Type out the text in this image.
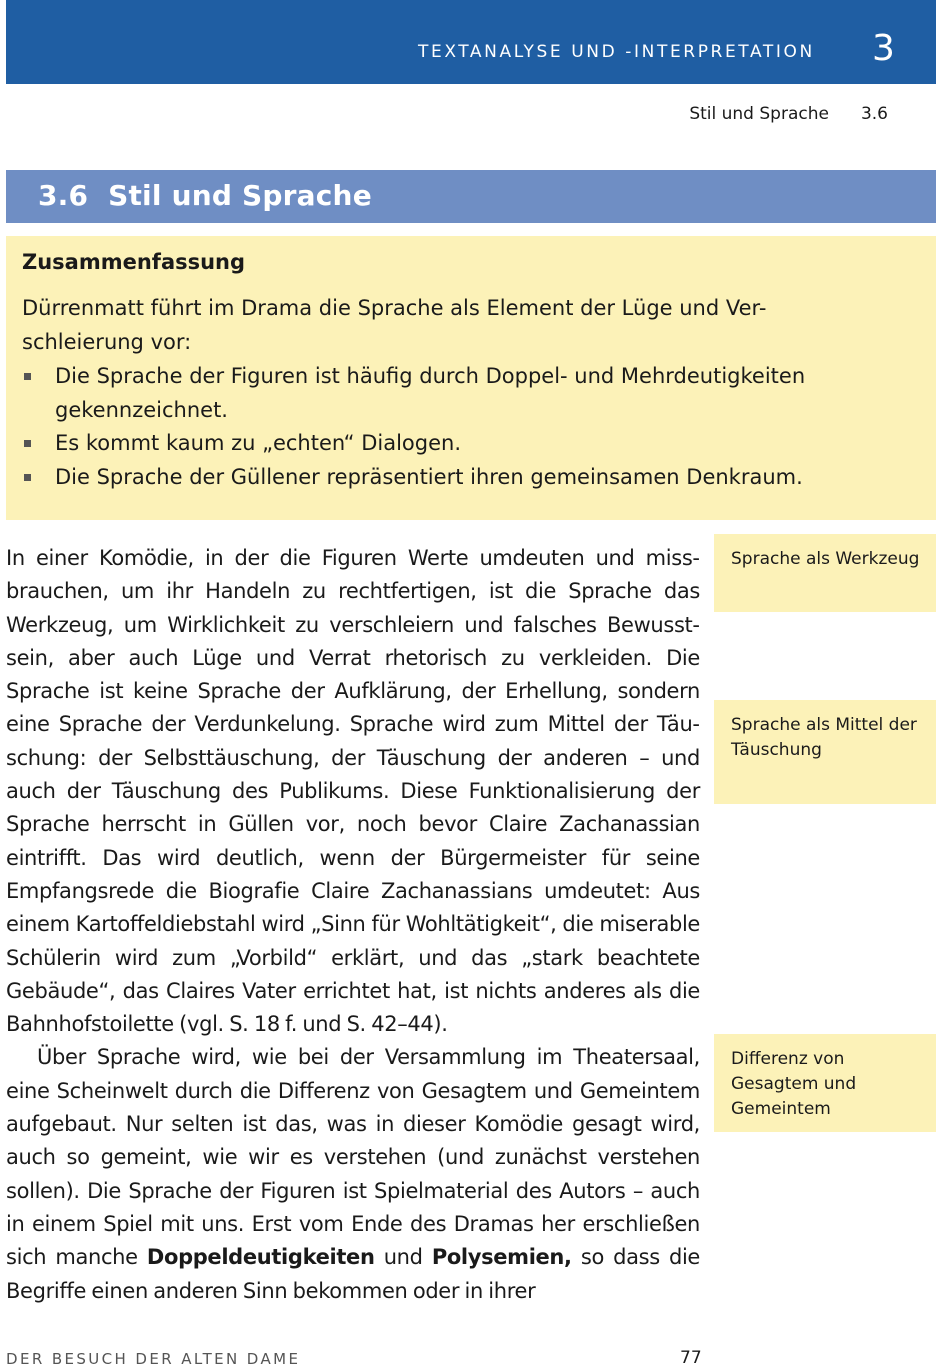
TEXTANALYSE UND -INTERPRETATION 3
Stil und Sprache 3.6
3.6  Stil und Sprache
Zusammenfassung
Dürrenmatt führt im Drama die Sprache als Element der Lüge und Ver-
schleierung vor:
Die Sprache der Figuren ist häufig durch Doppel- und Mehrdeutigkeiten gekennzeichnet.
Es kommt kaum zu „echten“ Dialogen.
Die Sprache der Güllener repräsentiert ihren gemeinsamen Denkraum.

In einer Komödie, in der die Figuren Werte umdeuten und missbrauchen, um ihr Handeln zu rechtfertigen, ist die Sprache das Werkzeug, um Wirklichkeit zu verschleiern und falsches Bewusstsein, aber auch Lüge und Verrat rhetorisch zu verkleiden. Die Sprache ist keine Sprache der Aufklärung, der Erhellung, sondern eine Sprache der Verdunkelung. Sprache wird zum Mittel der Täuschung: der Selbsttäuschung, der Täuschung der anderen – und auch der Täuschung des Publikums. Diese Funktionalisierung der Sprache herrscht in Güllen vor, noch bevor Claire Zachanassian eintrifft. Das wird deutlich, wenn der Bürgermeister für seine Empfangsrede die Biografie Claire Zachanassians umdeutet: Aus einem Kartoffeldiebstahl wird „Sinn für Wohltätigkeit“, die miserable Schülerin wird zum „Vorbild“ erklärt, und das „stark beachtete Gebäude“, das Claires Vater errichtet hat, ist nichts anderes als die Bahnhofstoilette (vgl. S. 18 f. und S. 42–44).

Über Sprache wird, wie bei der Versammlung im Theatersaal, eine Scheinwelt durch die Differenz von Gesagtem und Gemeintem aufgebaut. Nur selten ist das, was in dieser Komödie gesagt wird, auch so gemeint, wie wir es verstehen (und zunächst verstehen sollen). Die Sprache der Figuren ist Spielmaterial des Autors – auch in einem Spiel mit uns. Erst vom Ende des Dramas her erschließen sich manche Doppeldeutigkeiten und Polysemien, so dass die Begriffe einen anderen Sinn bekommen oder in ihrer

Sprache als Werkzeug
Sprache als Mittel der Täuschung
Differenz von Gesagtem und Gemeintem
DER BESUCH DER ALTEN DAME	77
